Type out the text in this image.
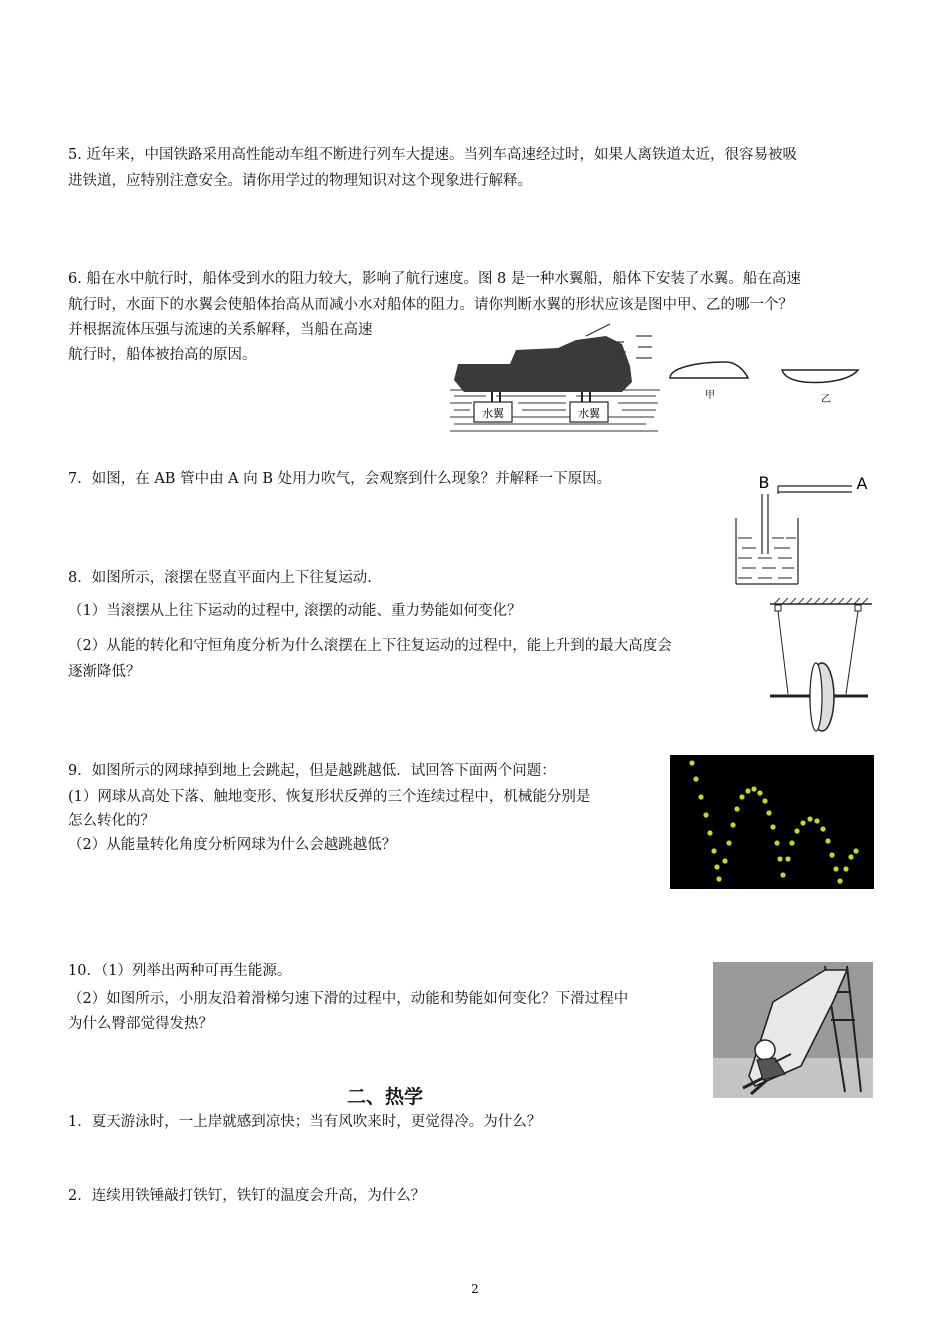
5. 近年来，中国铁路采用高性能动车组不断进行列车大提速。当列车高速经过时，如果人离铁道太近，很容易被吸

进铁道，应特别注意安全。请你用学过的物理知识对这个现象进行解释。

6. 船在水中航行时，船体受到水的阻力较大，影响了航行速度。图 8 是一种水翼船，船体下安装了水翼。船在高速

航行时，水面下的水翼会使船体抬高从而减小水对船体的阻力。请你判断水翼的形状应该是图中甲、乙的哪一个？

并根据流体压强与流速的关系解释，当船在高速

航行时，船体被抬高的原因。

水翼	水翼
甲	乙

7．如图，在 AB 管中由 A 向 B 处用力吹气，会观察到什么现象？并解释一下原因。	B	A

8．如图所示，滚摆在竖直平面内上下往复运动.

（1）当滚摆从上往下运动的过程中, 滚摆的动能、重力势能如何变化？

（2）从能的转化和守恒角度分析为什么滚摆在上下往复运动的过程中，能上升到的最大高度会

逐渐降低？

9．如图所示的网球掉到地上会跳起，但是越跳越低．试回答下面两个问题：

(1）网球从高处下落、触地变形、恢复形状反弹的三个连续过程中，机械能分别是

怎么转化的？

（2）从能量转化角度分析网球为什么会越跳越低？

10．（1）列举出两种可再生能源。

（2）如图所示，小朋友沿着滑梯匀速下滑的过程中，动能和势能如何变化？下滑过程中

为什么臀部觉得发热？

二、热学

1．夏天游泳时，一上岸就感到凉快；当有风吹来时，更觉得冷。为什么？

2．连续用铁锤敲打铁钉，铁钉的温度会升高，为什么？

2
